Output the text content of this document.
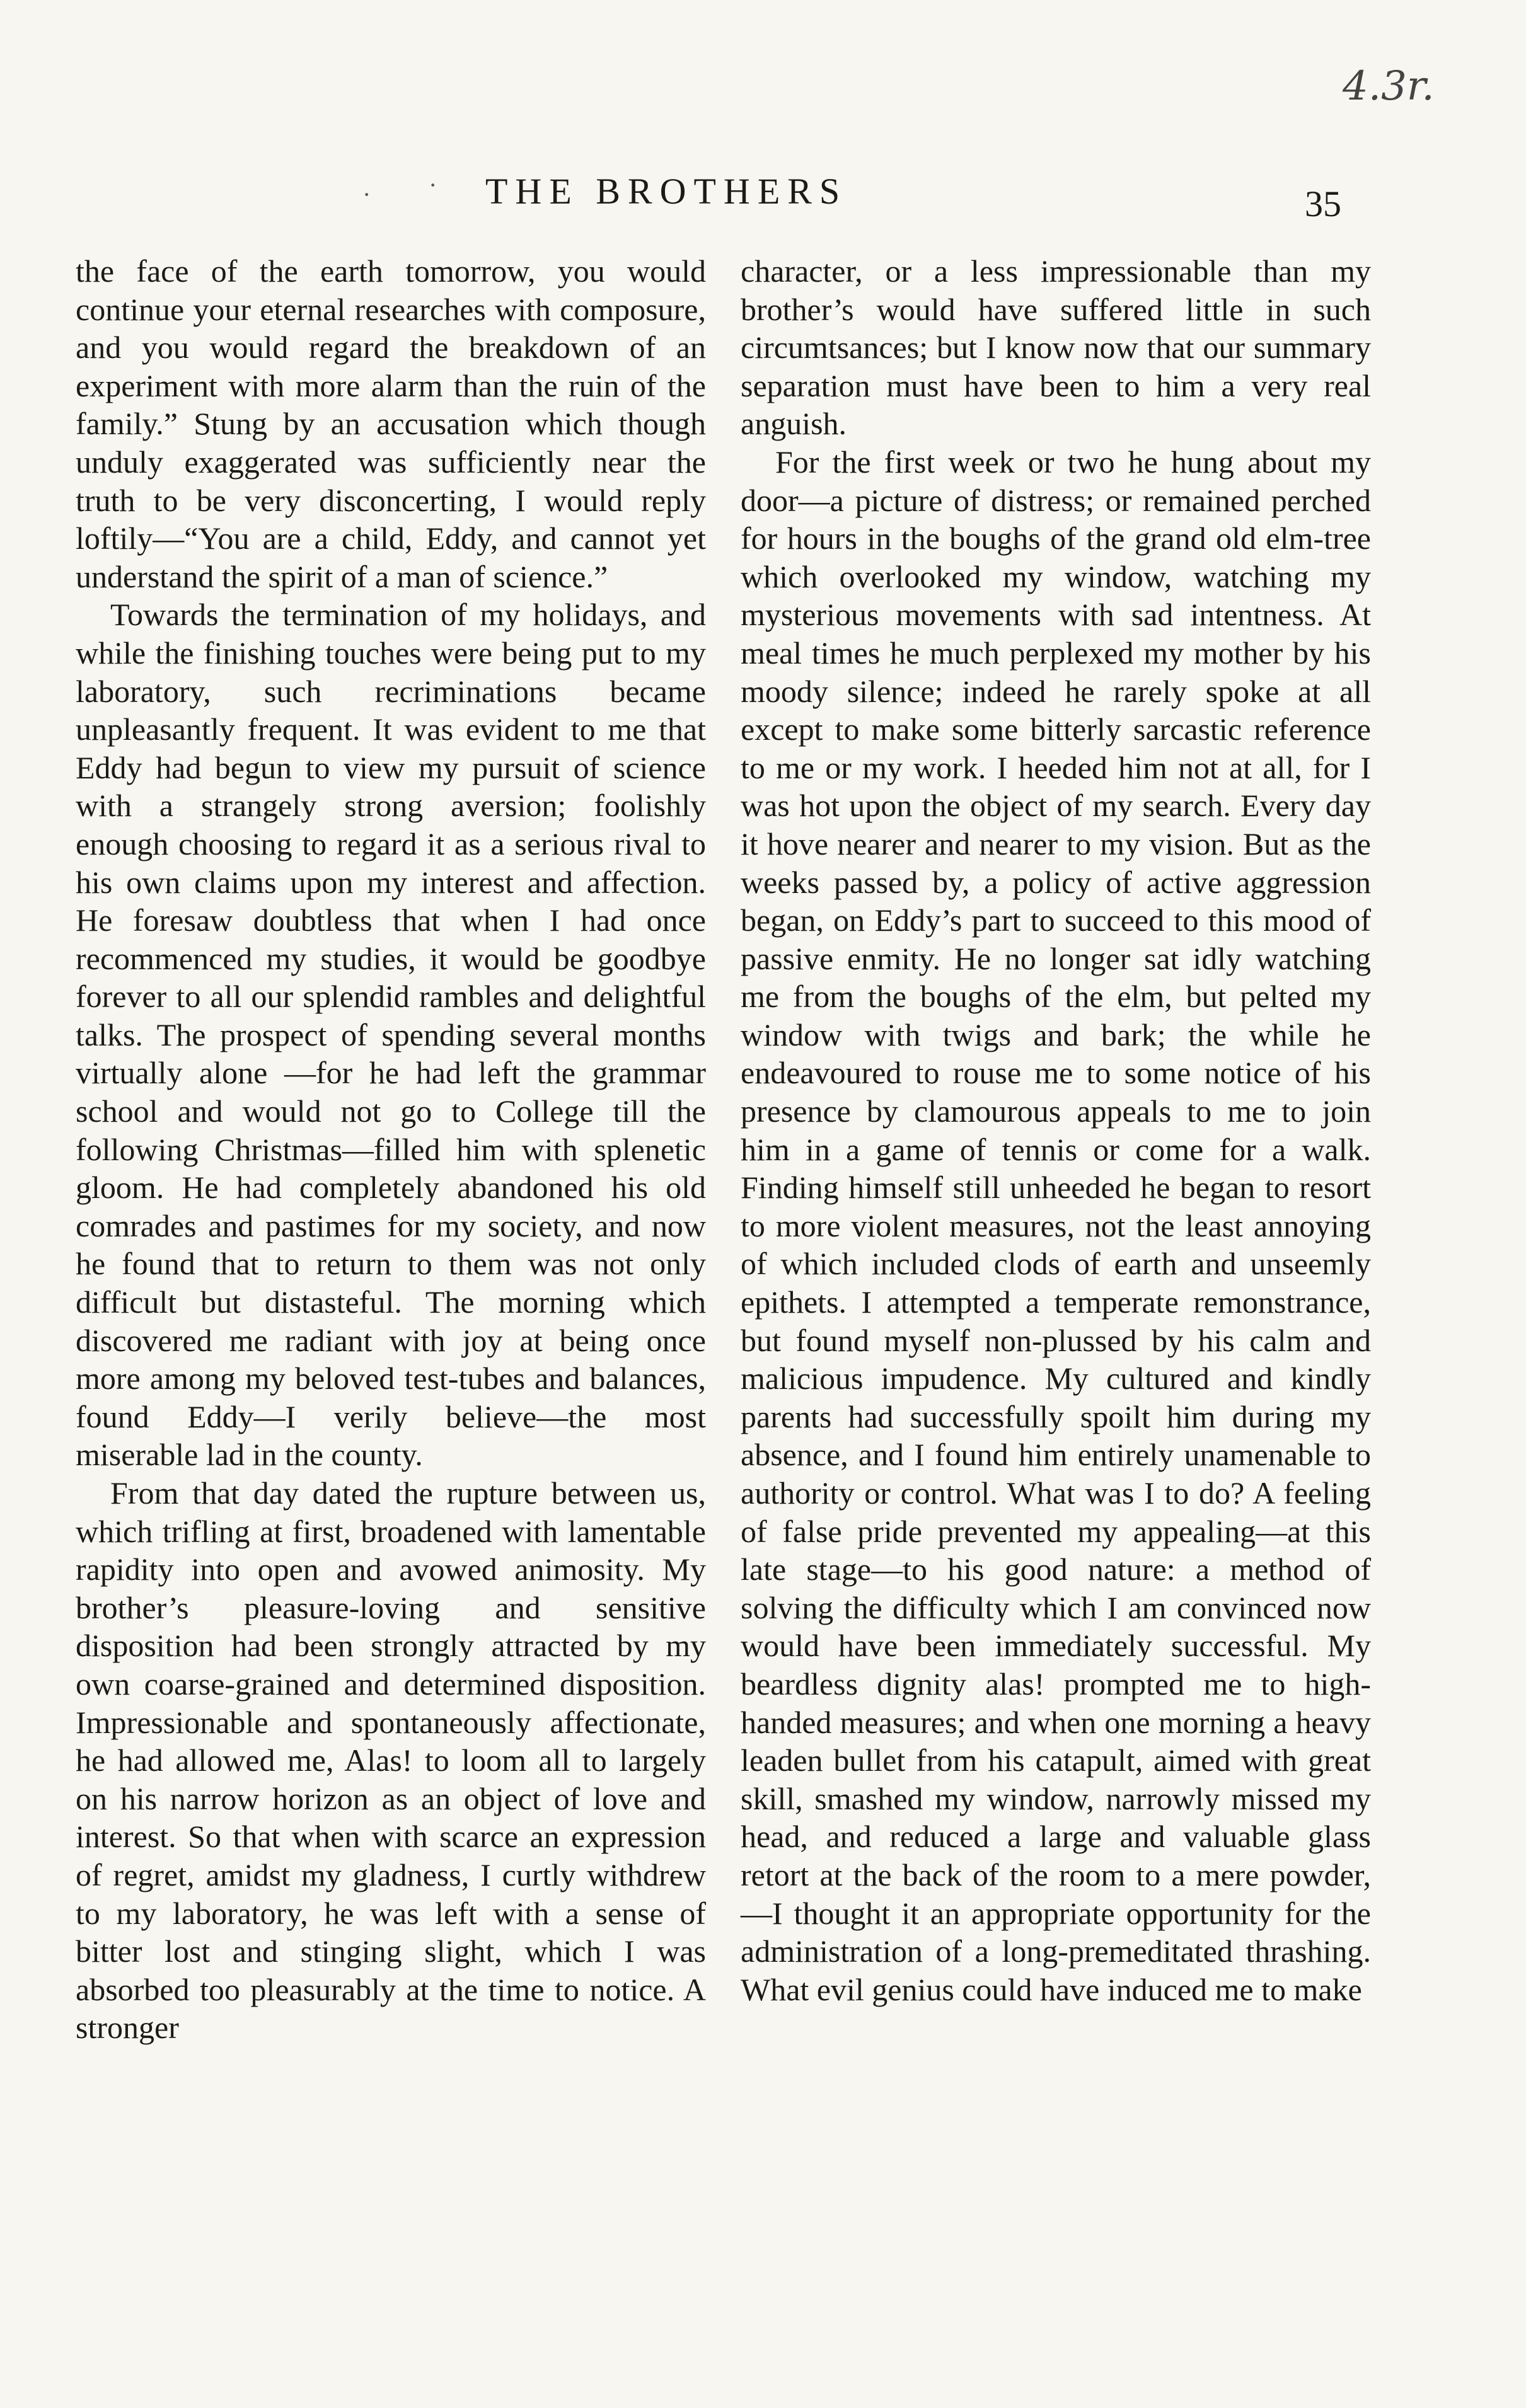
4.3r.
· · THE BROTHERS	35

the face of the earth tomorrow, you would continue your eternal researches with composure, and you would regard the breakdown of an experiment with more alarm than the ruin of the family.” Stung by an accusation which though unduly exaggerated was sufficiently near the truth to be very disconcerting, I would reply loftily—“You are a child, Eddy, and cannot yet understand the spirit of a man of science.”

Towards the termination of my holidays, and while the finishing touches were being put to my laboratory, such recriminations became unpleasantly frequent. It was evident to me that Eddy had begun to view my pursuit of science with a strangely strong aversion; foolishly enough choosing to regard it as a serious rival to his own claims upon my interest and affection. He foresaw doubtless that when I had once recommenced my studies, it would be goodbye forever to all our splendid rambles and delightful talks. The prospect of spending several months virtually alone —for he had left the grammar school and would not go to College till the following Christmas—filled him with splenetic gloom. He had completely abandoned his old comrades and pastimes for my society, and now he found that to return to them was not only difficult but distasteful. The morning which discovered me radiant with joy at being once more among my beloved test-tubes and balances, found Eddy—I verily believe—the most miserable lad in the county.

From that day dated the rupture between us, which trifling at first, broadened with lamentable rapidity into open and avowed animosity. My brother’s pleasure-loving and sensitive disposition had been strongly attracted by my own coarse-grained and determined disposition. Impressionable and spontaneously affectionate, he had allowed me, Alas! to loom all to largely on his narrow horizon as an object of love and interest. So that when with scarce an expression of regret, amidst my gladness, I curtly withdrew to my laboratory, he was left with a sense of bitter lost and stinging slight, which I was absorbed too pleasurably at the time to notice. A stronger

character, or a less impressionable than my brother’s would have suffered little in such circumtsances; but I know now that our summary separation must have been to him a very real anguish.

For the first week or two he hung about my door—a picture of distress; or remained perched for hours in the boughs of the grand old elm-tree which overlooked my window, watching my mysterious movements with sad intentness. At meal times he much perplexed my mother by his moody silence; indeed he rarely spoke at all except to make some bitterly sarcastic reference to me or my work. I heeded him not at all, for I was hot upon the object of my search. Every day it hove nearer and nearer to my vision. But as the weeks passed by, a policy of active aggression began, on Eddy’s part to succeed to this mood of passive enmity. He no longer sat idly watching me from the boughs of the elm, but pelted my window with twigs and bark; the while he endeavoured to rouse me to some notice of his presence by clamourous appeals to me to join him in a game of tennis or come for a walk. Finding himself still unheeded he began to resort to more violent measures, not the least annoying of which included clods of earth and unseemly epithets. I attempted a temperate remonstrance, but found myself non-plussed by his calm and malicious impudence. My cultured and kindly parents had successfully spoilt him during my absence, and I found him entirely unamenable to authority or control. What was I to do? A feeling of false pride prevented my appealing—at this late stage—to his good nature: a method of solving the difficulty which I am convinced now would have been immediately successful. My beardless dignity alas! prompted me to high-handed measures; and when one morning a heavy leaden bullet from his catapult, aimed with great skill, smashed my window, narrowly missed my head, and reduced a large and valuable glass retort at the back of the room to a mere powder,—I thought it an appropriate opportunity for the administration of a long-premeditated thrashing. What evil genius could have induced me to make
